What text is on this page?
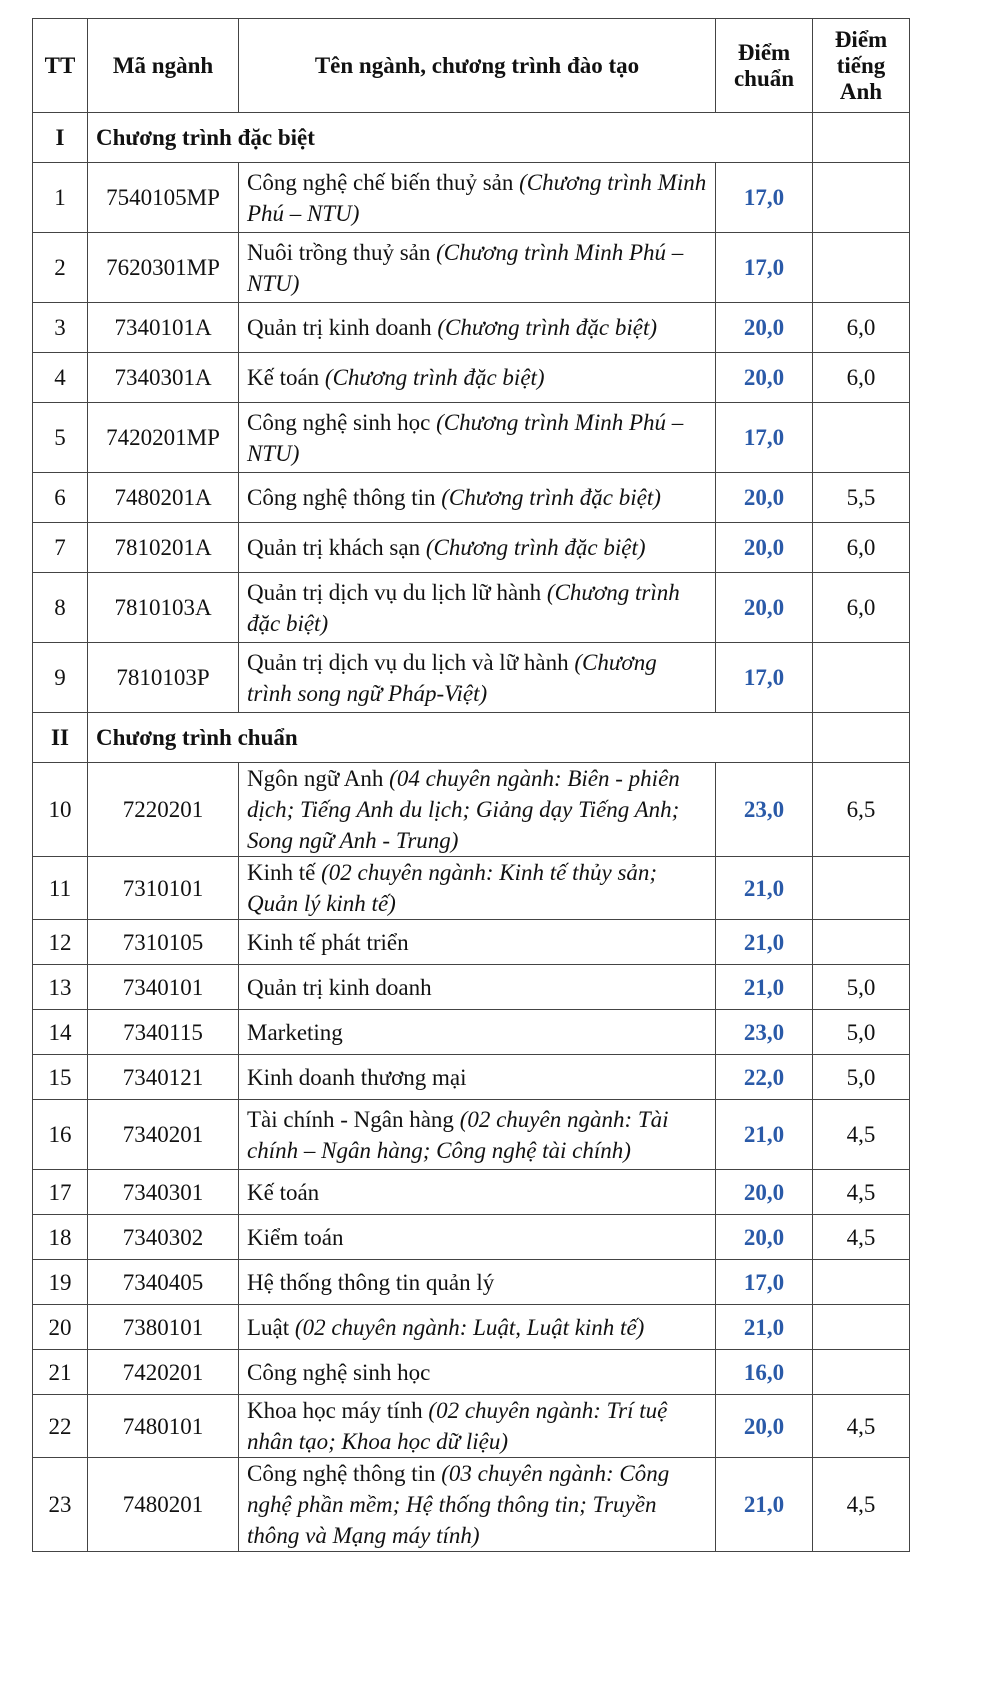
TT	Mã ngành	Tên ngành, chương trình đào tạo	Điểm chuẩn	Điểm tiếng Anh
I	Chương trình đặc biệt			
1	7540105MP	Công nghệ chế biến thuỷ sản (Chương trình Minh Phú – NTU)	17,0	
2	7620301MP	Nuôi trồng thuỷ sản (Chương trình Minh Phú – NTU)	17,0	
3	7340101A	Quản trị kinh doanh (Chương trình đặc biệt)	20,0	6,0
4	7340301A	Kế toán (Chương trình đặc biệt)	20,0	6,0
5	7420201MP	Công nghệ sinh học (Chương trình Minh Phú – NTU)	17,0	
6	7480201A	Công nghệ thông tin (Chương trình đặc biệt)	20,0	5,5
7	7810201A	Quản trị khách sạn (Chương trình đặc biệt)	20,0	6,0
8	7810103A	Quản trị dịch vụ du lịch lữ hành (Chương trình đặc biệt)	20,0	6,0
9	7810103P	Quản trị dịch vụ du lịch và lữ hành (Chương trình song ngữ Pháp-Việt)	17,0	
II	Chương trình chuẩn			
10	7220201	Ngôn ngữ Anh (04 chuyên ngành: Biên - phiên dịch; Tiếng Anh du lịch; Giảng dạy Tiếng Anh; Song ngữ Anh - Trung)	23,0	6,5
11	7310101	Kinh tế (02 chuyên ngành: Kinh tế thủy sản; Quản lý kinh tế)	21,0	
12	7310105	Kinh tế phát triển	21,0	
13	7340101	Quản trị kinh doanh	21,0	5,0
14	7340115	Marketing	23,0	5,0
15	7340121	Kinh doanh thương mại	22,0	5,0
16	7340201	Tài chính - Ngân hàng (02 chuyên ngành: Tài chính – Ngân hàng; Công nghệ tài chính)	21,0	4,5
17	7340301	Kế toán	20,0	4,5
18	7340302	Kiểm toán	20,0	4,5
19	7340405	Hệ thống thông tin quản lý	17,0	
20	7380101	Luật (02 chuyên ngành: Luật, Luật kinh tế)	21,0	
21	7420201	Công nghệ sinh học	16,0	
22	7480101	Khoa học máy tính (02 chuyên ngành: Trí tuệ nhân tạo; Khoa học dữ liệu)	20,0	4,5
23	7480201	Công nghệ thông tin (03 chuyên ngành: Công nghệ phần mềm; Hệ thống thông tin; Truyền thông và Mạng máy tính)	21,0	4,5
